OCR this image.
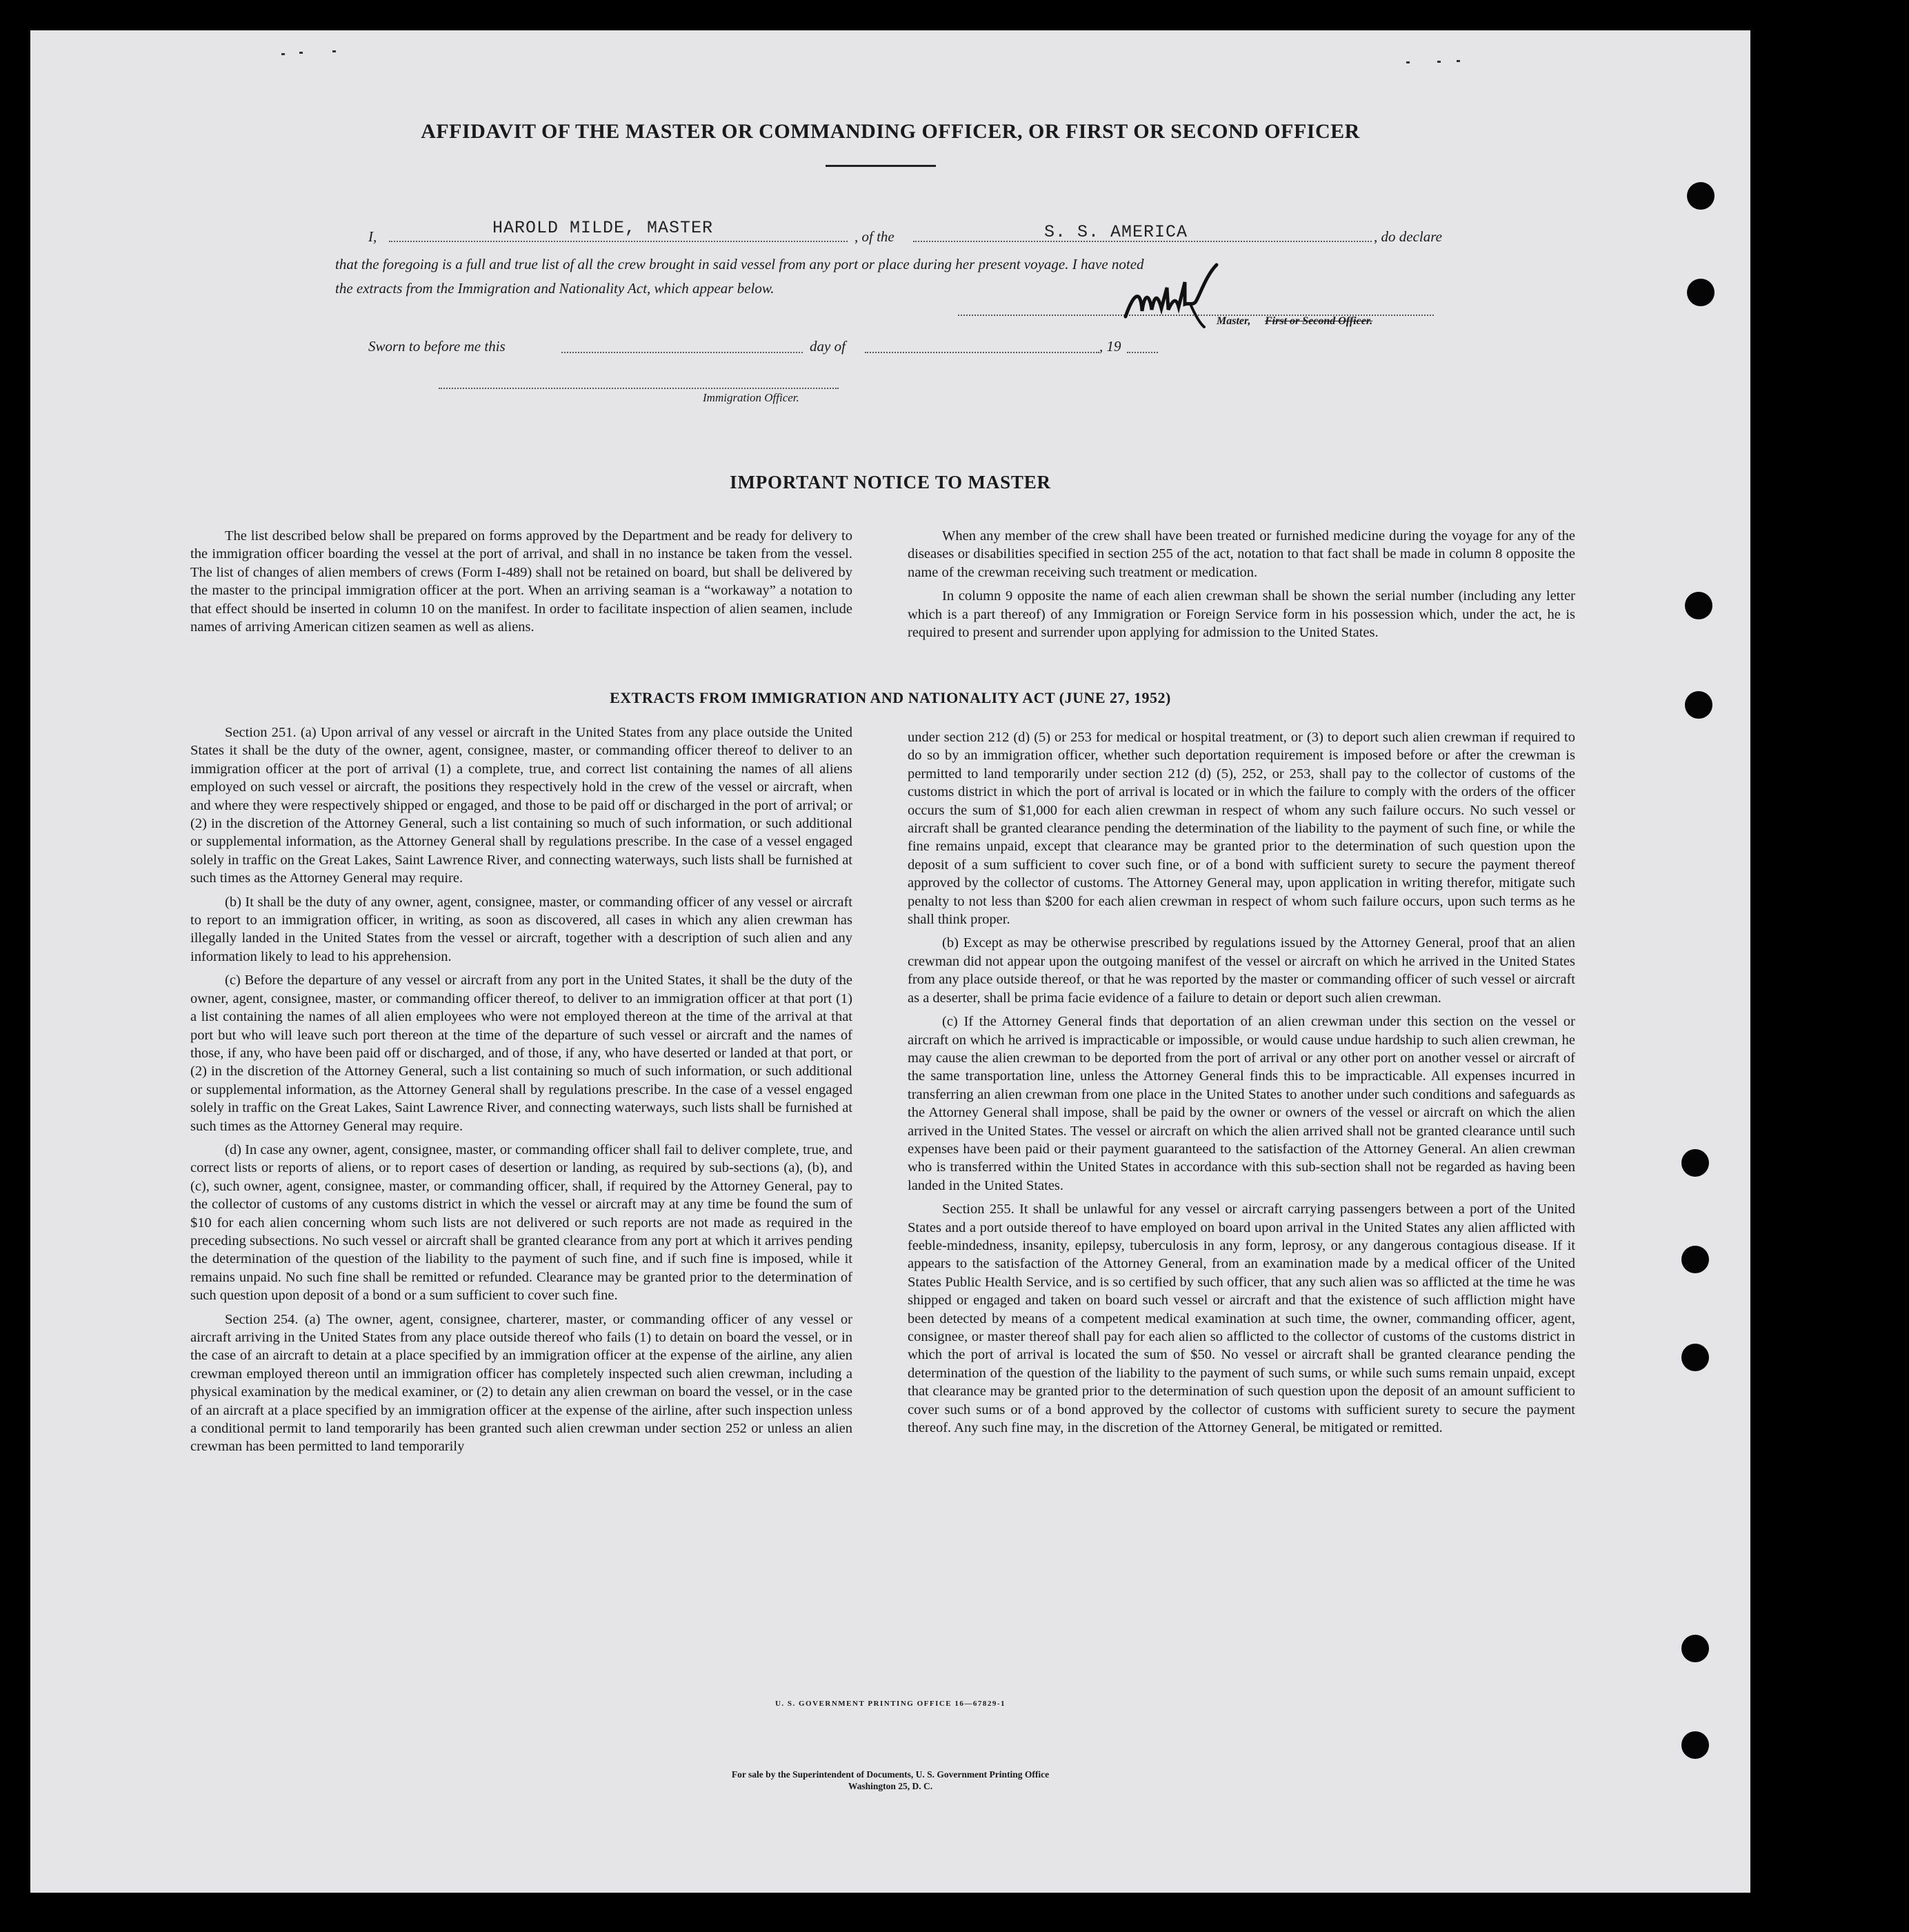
AFFIDAVIT OF THE MASTER OR COMMANDING OFFICER, OR FIRST OR SECOND OFFICER
I,	HAROLD MILDE, MASTER	, of the	S. S. AMERICA	, do declare
that the foregoing is a full and true list of all the crew brought in said vessel from any port or place during her present voyage. I have noted
the extracts from the Immigration and Nationality Act, which appear below.
Master, First or Second Officer.
Sworn to before me this	day of	, 19
Immigration Officer.
IMPORTANT NOTICE TO MASTER

The list described below shall be prepared on forms approved by the Department and be ready for delivery to the immigration officer boarding the vessel at the port of arrival, and shall in no instance be taken from the vessel. The list of changes of alien members of crews (Form I-489) shall not be retained on board, but shall be delivered by the master to the principal immigration officer at the port. When an arriving seaman is a “workaway” a notation to that effect should be inserted in column 10 on the manifest. In order to facilitate inspection of alien seamen, include names of arriving American citizen seamen as well as aliens.

When any member of the crew shall have been treated or furnished medicine during the voyage for any of the diseases or disabilities specified in section 255 of the act, notation to that fact shall be made in column 8 opposite the name of the crewman receiving such treatment or medication.

In column 9 opposite the name of each alien crewman shall be shown the serial number (including any letter which is a part thereof) of any Immigration or Foreign Service form in his possession which, under the act, he is required to present and surrender upon applying for admission to the United States.

EXTRACTS FROM IMMIGRATION AND NATIONALITY ACT (JUNE 27, 1952)

Section 251. (a) Upon arrival of any vessel or aircraft in the United States from any place outside the United States it shall be the duty of the owner, agent, consignee, master, or commanding officer thereof to deliver to an immigration officer at the port of arrival (1) a complete, true, and correct list containing the names of all aliens employed on such vessel or aircraft, the positions they respectively hold in the crew of the vessel or aircraft, when and where they were respectively shipped or engaged, and those to be paid off or discharged in the port of arrival; or (2) in the discretion of the Attorney General, such a list containing so much of such information, or such additional or supplemental information, as the Attorney General shall by regulations prescribe. In the case of a vessel engaged solely in traffic on the Great Lakes, Saint Lawrence River, and connecting waterways, such lists shall be furnished at such times as the Attorney General may require.

(b) It shall be the duty of any owner, agent, consignee, master, or commanding officer of any vessel or aircraft to report to an immigration officer, in writing, as soon as discovered, all cases in which any alien crewman has illegally landed in the United States from the vessel or aircraft, together with a description of such alien and any information likely to lead to his apprehension.

(c) Before the departure of any vessel or aircraft from any port in the United States, it shall be the duty of the owner, agent, consignee, master, or commanding officer thereof, to deliver to an immigration officer at that port (1) a list containing the names of all alien employees who were not employed thereon at the time of the arrival at that port but who will leave such port thereon at the time of the departure of such vessel or aircraft and the names of those, if any, who have been paid off or discharged, and of those, if any, who have deserted or landed at that port, or (2) in the discretion of the Attorney General, such a list containing so much of such information, or such additional or supplemental information, as the Attorney General shall by regulations prescribe. In the case of a vessel engaged solely in traffic on the Great Lakes, Saint Lawrence River, and connecting waterways, such lists shall be furnished at such times as the Attorney General may require.

(d) In case any owner, agent, consignee, master, or commanding officer shall fail to deliver complete, true, and correct lists or reports of aliens, or to report cases of desertion or landing, as required by sub-sections (a), (b), and (c), such owner, agent, consignee, master, or commanding officer, shall, if required by the Attorney General, pay to the collector of customs of any customs district in which the vessel or aircraft may at any time be found the sum of $10 for each alien concerning whom such lists are not delivered or such reports are not made as required in the preceding subsections. No such vessel or aircraft shall be granted clearance from any port at which it arrives pending the determination of the question of the liability to the payment of such fine, and if such fine is imposed, while it remains unpaid. No such fine shall be remitted or refunded. Clearance may be granted prior to the determination of such question upon deposit of a bond or a sum sufficient to cover such fine.

Section 254. (a) The owner, agent, consignee, charterer, master, or commanding officer of any vessel or aircraft arriving in the United States from any place outside thereof who fails (1) to detain on board the vessel, or in the case of an aircraft to detain at a place specified by an immigration officer at the expense of the airline, any alien crewman employed thereon until an immigration officer has completely inspected such alien crewman, including a physical examination by the medical examiner, or (2) to detain any alien crewman on board the vessel, or in the case of an aircraft at a place specified by an immigration officer at the expense of the airline, after such inspection unless a conditional permit to land temporarily has been granted such alien crewman under section 252 or unless an alien crewman has been permitted to land temporarily

under section 212 (d) (5) or 253 for medical or hospital treatment, or (3) to deport such alien crewman if required to do so by an immigration officer, whether such deportation requirement is imposed before or after the crewman is permitted to land temporarily under section 212 (d) (5), 252, or 253, shall pay to the collector of customs of the customs district in which the port of arrival is located or in which the failure to comply with the orders of the officer occurs the sum of $1,000 for each alien crewman in respect of whom any such failure occurs. No such vessel or aircraft shall be granted clearance pending the determination of the liability to the payment of such fine, or while the fine remains unpaid, except that clearance may be granted prior to the determination of such question upon the deposit of a sum sufficient to cover such fine, or of a bond with sufficient surety to secure the payment thereof approved by the collector of customs. The Attorney General may, upon application in writing therefor, mitigate such penalty to not less than $200 for each alien crewman in respect of whom such failure occurs, upon such terms as he shall think proper.

(b) Except as may be otherwise prescribed by regulations issued by the Attorney General, proof that an alien crewman did not appear upon the outgoing manifest of the vessel or aircraft on which he arrived in the United States from any place outside thereof, or that he was reported by the master or commanding officer of such vessel or aircraft as a deserter, shall be prima facie evidence of a failure to detain or deport such alien crewman.

(c) If the Attorney General finds that deportation of an alien crewman under this section on the vessel or aircraft on which he arrived is impracticable or impossible, or would cause undue hardship to such alien crewman, he may cause the alien crewman to be deported from the port of arrival or any other port on another vessel or aircraft of the same transportation line, unless the Attorney General finds this to be impracticable. All expenses incurred in transferring an alien crewman from one place in the United States to another under such conditions and safeguards as the Attorney General shall impose, shall be paid by the owner or owners of the vessel or aircraft on which the alien arrived in the United States. The vessel or aircraft on which the alien arrived shall not be granted clearance until such expenses have been paid or their payment guaranteed to the satisfaction of the Attorney General. An alien crewman who is transferred within the United States in accordance with this sub-section shall not be regarded as having been landed in the United States.

Section 255. It shall be unlawful for any vessel or aircraft carrying passengers between a port of the United States and a port outside thereof to have employed on board upon arrival in the United States any alien afflicted with feeble-mindedness, insanity, epilepsy, tuberculosis in any form, leprosy, or any dangerous contagious disease. If it appears to the satisfaction of the Attorney General, from an examination made by a medical officer of the United States Public Health Service, and is so certified by such officer, that any such alien was so afflicted at the time he was shipped or engaged and taken on board such vessel or aircraft and that the existence of such affliction might have been detected by means of a competent medical examination at such time, the owner, commanding officer, agent, consignee, or master thereof shall pay for each alien so afflicted to the collector of customs of the customs district in which the port of arrival is located the sum of $50. No vessel or aircraft shall be granted clearance pending the determination of the question of the liability to the payment of such sums, or while such sums remain unpaid, except that clearance may be granted prior to the determination of such question upon the deposit of an amount sufficient to cover such sums or of a bond approved by the collector of customs with sufficient surety to secure the payment thereof. Any such fine may, in the discretion of the Attorney General, be mitigated or remitted.

U. S. GOVERNMENT PRINTING OFFICE 16—67829-1
For sale by the Superintendent of Documents, U. S. Government Printing Office
Washington 25, D. C.
